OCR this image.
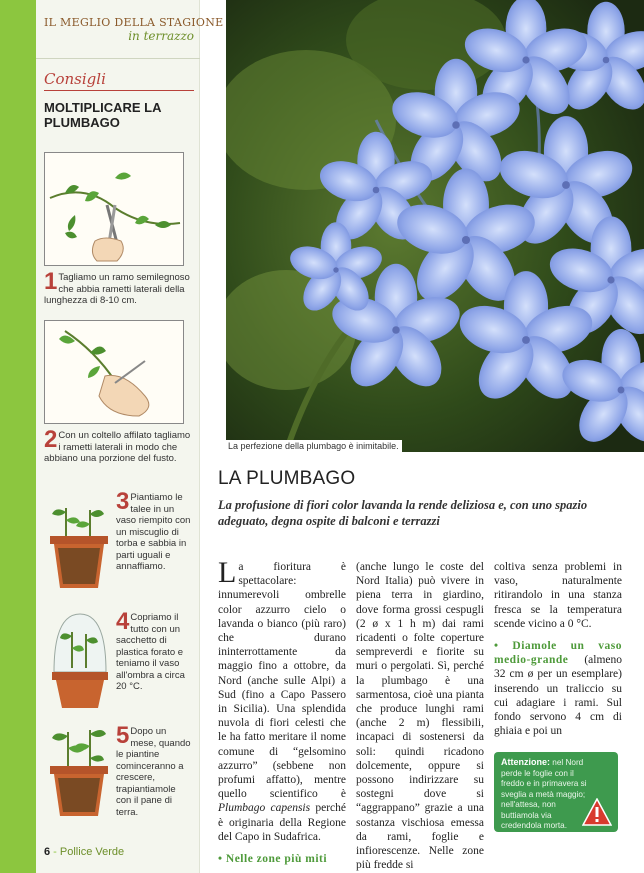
IL MEGLIO DELLA STAGIONE
in terrazzo
Consigli
MOLTIPLICARE LA PLUMBAGO
1 Tagliamo un ramo semilegnoso che abbia rametti laterali della lunghezza di 8-10 cm.
2 Con un coltello affilato tagliamo i rametti laterali in modo che abbiano una porzione del fusto.
3 Piantiamo le talee in un vaso riempito con un miscuglio di torba e sabbia in parti uguali e annaffiamo.
4 Copriamo il tutto con un sacchetto di plastica forato e teniamo il vaso all'ombra a circa 20 °C.
5 Dopo un mese, quando le piantine cominceranno a crescere, trapiantiamole con il pane di terra.
La perfezione della plumbago è inimitabile.
LA PLUMBAGO
La profusione di fiori color lavanda la rende deliziosa e, con uno spazio adeguato, degna ospite di balconi e terrazzi
La fioritura è spettacolare: innumerevoli ombrelle color azzurro cielo o lavanda o bianco (più raro) che durano ininterrottamente da maggio fino a ottobre, da Nord (anche sulle Alpi) a Sud (fino a Capo Passero in Sicilia). Una splendida nuvola di fiori celesti che le ha fatto meritare il nome comune di “gelsomino azzurro” (sebbene non profumi affatto), mentre quello scientifico è Plumbago capensis perché è originaria della Regione del Capo in Sudafrica.
• Nelle zone più miti
(anche lungo le coste del Nord Italia) può vivere in piena terra in giardino, dove forma grossi cespugli (2 ø x 1 h m) dai rami ricadenti o folte coperture sempreverdi e fiorite su muri o pergolati. Sì, perché la plumbago è una sarmentosa, cioè una pianta che produce lunghi rami (anche 2 m) flessibili, incapaci di sostenersi da soli: quindi ricadono dolcemente, oppure si possono indirizzare su sostegni dove si “aggrappano” grazie a una sostanza vischiosa emessa da rami, foglie e infiorescenze. Nelle zone più fredde si
coltiva senza problemi in vaso, naturalmente ritirandolo in una stanza fresca se la temperatura scende vicino a 0 °C.
• Diamole un vaso medio-grande (almeno 32 cm ø per un esemplare) inserendo un traliccio su cui adagiare i rami. Sul fondo servono 4 cm di ghiaia e poi un
Attenzione: nel Nord perde le foglie con il freddo e in primavera si sveglia a metà maggio; nell'attesa, non buttiamola via credendola morta.
6 - Pollice Verde
